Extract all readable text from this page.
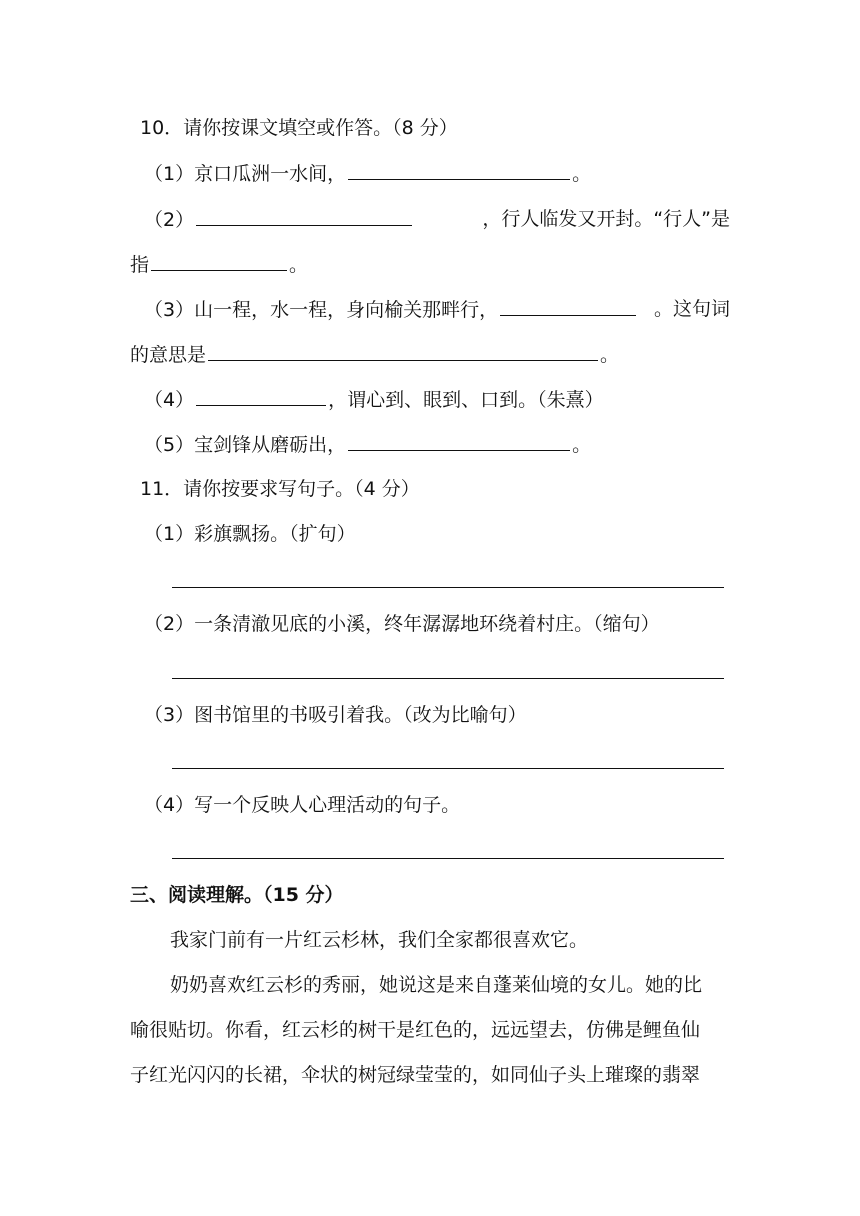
10．请你按课文填空或作答。（8 分）
（1）京口瓜洲一水间，	。
（2）	，行人临发又开封。“行人”是
指	。
（3）山一程，水一程，身向榆关那畔行，	。这句词
的意思是	。
（4）	，谓心到、眼到、口到。（朱熹）
（5）宝剑锋从磨砺出，	。
11．请你按要求写句子。（4 分）
（1）彩旗飘扬。（扩句）
（2）一条清澈见底的小溪，终年潺潺地环绕着村庄。（缩句）
（3）图书馆里的书吸引着我。（改为比喻句）
（4）写一个反映人心理活动的句子。
三、阅读理解。（15 分）
我家门前有一片红云杉林，我们全家都很喜欢它。
奶奶喜欢红云杉的秀丽，她说这是来自蓬莱仙境的女儿。她的比
喻很贴切。你看，红云杉的树干是红色的，远远望去，仿佛是鲤鱼仙
子红光闪闪的长裙，伞状的树冠绿莹莹的，如同仙子头上璀璨的翡翠
